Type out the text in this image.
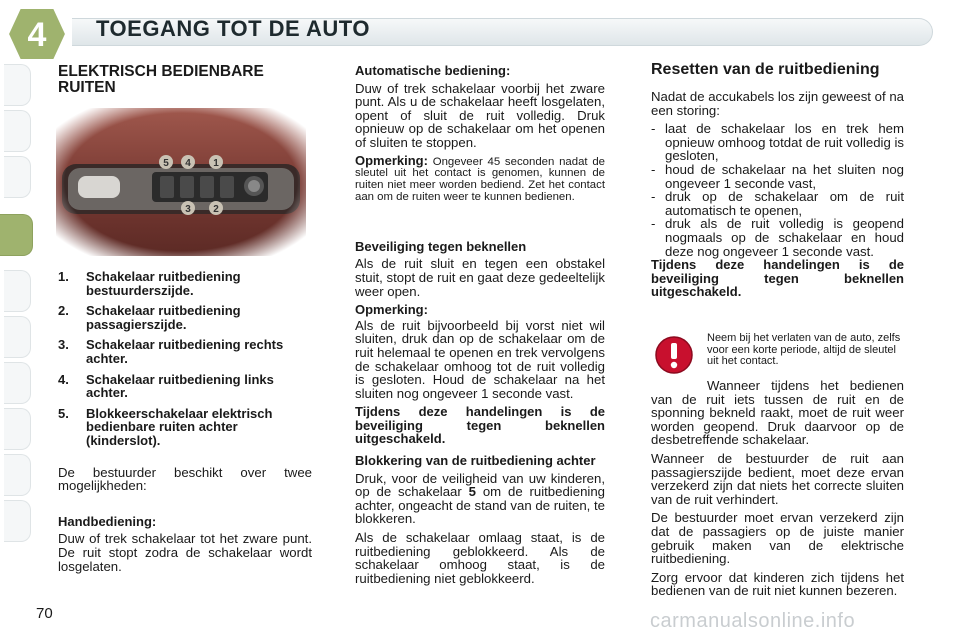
4 TOEGANG TOT DE AUTO
ELEKTRISCH BEDIENBARE RUITEN
1. Schakelaar ruitbediening bestuurderszijde.
2. Schakelaar ruitbediening passagierszijde.
3. Schakelaar ruitbediening rechts achter.
4. Schakelaar ruitbediening links achter.
5. Blokkeerschakelaar elektrisch bedienbare ruiten achter (kinderslot).

De bestuurder beschikt over twee mogelijkheden:

Handbediening:

Duw of trek schakelaar tot het zware punt. De ruit stopt zodra de schakelaar wordt losgelaten.

Automatische bediening:

Duw of trek schakelaar voorbij het zware punt. Als u de schakelaar heeft losgelaten, opent of sluit de ruit volledig. Druk opnieuw op de schakelaar om het openen of sluiten te stoppen.

Opmerking: Ongeveer 45 seconden nadat de sleutel uit het contact is genomen, kunnen de ruiten niet meer worden bediend. Zet het contact aan om de ruiten weer te kunnen bedienen.

Beveiliging tegen beknellen

Als de ruit sluit en tegen een obstakel stuit, stopt de ruit en gaat deze gedeeltelijk weer open.

Opmerking:

Als de ruit bijvoorbeeld bij vorst niet wil sluiten, druk dan op de schakelaar om de ruit helemaal te openen en trek vervolgens de schakelaar omhoog tot de ruit volledig is gesloten. Houd de schakelaar na het sluiten nog ongeveer 1 seconde vast.

Tijdens deze handelingen is de beveiliging tegen beknellen uitgeschakeld.

Blokkering van de ruitbediening achter

Druk, voor de veiligheid van uw kinderen, op de schakelaar 5 om de ruitbediening achter, ongeacht de stand van de ruiten, te blokkeren.

Als de schakelaar omlaag staat, is de ruitbediening geblokkeerd. Als de schakelaar omhoog staat, is de ruitbediening niet geblokkeerd.

Resetten van de ruitbediening

Nadat de accukabels los zijn geweest of na een storing:

- laat de schakelaar los en trek hem opnieuw omhoog totdat de ruit volledig is gesloten,
- houd de schakelaar na het sluiten nog ongeveer 1 seconde vast,
- druk op de schakelaar om de ruit automatisch te openen,
- druk als de ruit volledig is geopend nogmaals op de schakelaar en houd deze nog ongeveer 1 seconde vast.

Tijdens deze handelingen is de beveiliging tegen beknellen uitgeschakeld.

Neem bij het verlaten van de auto, zelfs voor een korte periode, altijd de sleutel uit het contact.

Wanneer tijdens het bedienen van de ruit iets tussen de ruit en de sponning bekneld raakt, moet de ruit weer worden geopend. Druk daarvoor op de desbetreffende schakelaar.

Wanneer de bestuurder de ruit aan passagierszijde bedient, moet deze ervan verzekerd zijn dat niets het correcte sluiten van de ruit verhindert.

De bestuurder moet ervan verzekerd zijn dat de passagiers op de juiste manier gebruik maken van de elektrische ruitbediening.

Zorg ervoor dat kinderen zich tijdens het bedienen van de ruit niet kunnen bezeren.

70	carmanualsonline.info
